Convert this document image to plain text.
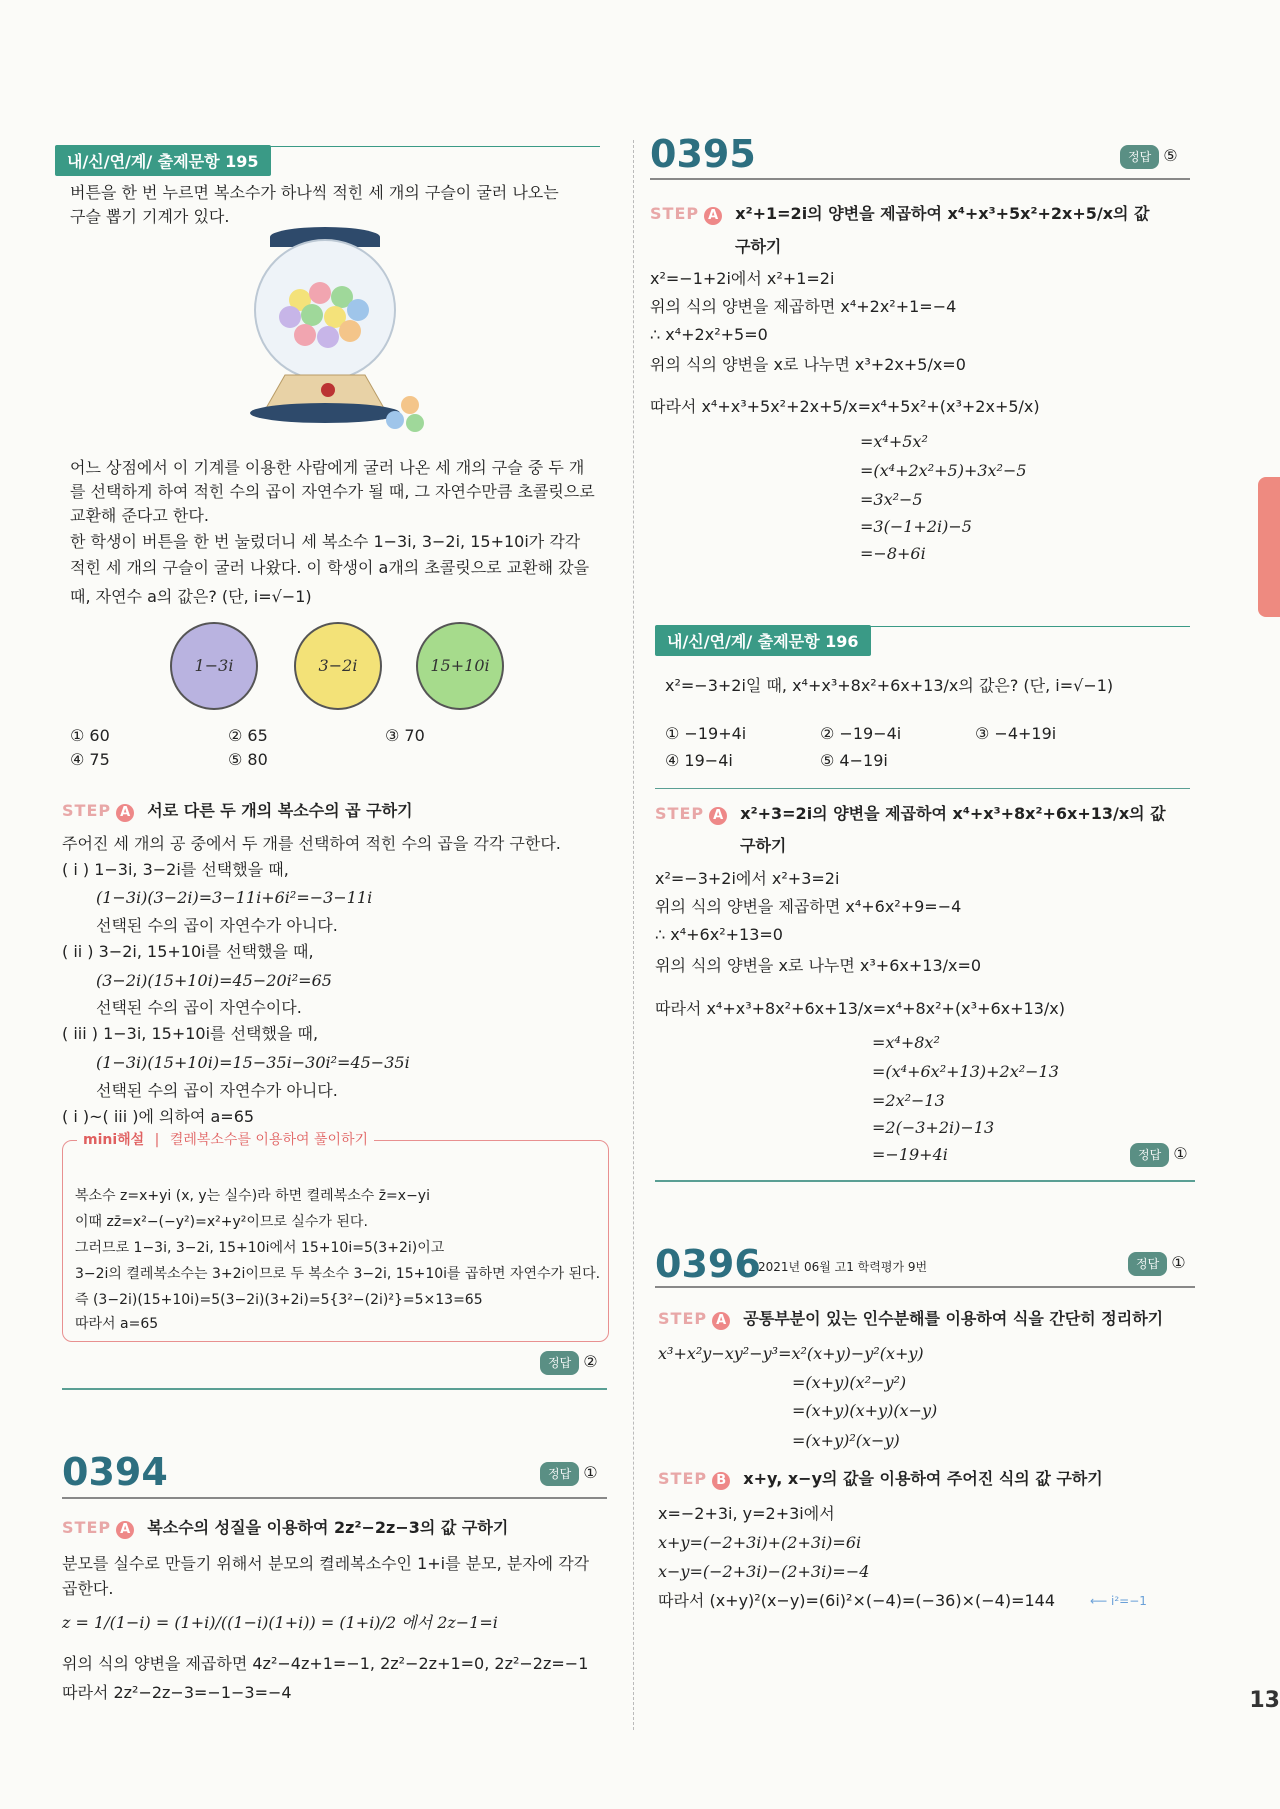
내/신/연/계/ 출제문항 195
버튼을 한 번 누르면 복소수가 하나씩 적힌 세 개의 구슬이 굴러 나오는
구슬 뽑기 기계가 있다.
어느 상점에서 이 기계를 이용한 사람에게 굴러 나온 세 개의 구슬 중 두 개
를 선택하게 하여 적힌 수의 곱이 자연수가 될 때, 그 자연수만큼 초콜릿으로
교환해 준다고 한다.
한 학생이 버튼을 한 번 눌렀더니 세 복소수 1−3i, 3−2i, 15+10i가 각각
적힌 세 개의 구슬이 굴러 나왔다. 이 학생이 a개의 초콜릿으로 교환해 갔을
때, 자연수 a의 값은? (단, i=√−1)
1−3i	3−2i	15+10i
① 60	② 65	③ 70
④ 75	⑤ 80
STEP A 서로 다른 두 개의 복소수의 곱 구하기
주어진 세 개의 공 중에서 두 개를 선택하여 적힌 수의 곱을 각각 구한다.
( i ) 1−3i, 3−2i를 선택했을 때,
(1−3i)(3−2i)=3−11i+6i²=−3−11i
선택된 수의 곱이 자연수가 아니다.
( ii ) 3−2i, 15+10i를 선택했을 때,
(3−2i)(15+10i)=45−20i²=65
선택된 수의 곱이 자연수이다.
( iii ) 1−3i, 15+10i를 선택했을 때,
(1−3i)(15+10i)=15−35i−30i²=45−35i
선택된 수의 곱이 자연수가 아니다.
( i )~( iii )에 의하여 a=65
mini해설 | 켤레복소수를 이용하여 풀이하기
복소수 z=x+yi (x, y는 실수)라 하면 켤레복소수 z̄=x−yi
이때 zz̄=x²−(−y²)=x²+y²이므로 실수가 된다.
그러므로 1−3i, 3−2i, 15+10i에서 15+10i=5(3+2i)이고
3−2i의 켤레복소수는 3+2i이므로 두 복소수 3−2i, 15+10i를 곱하면 자연수가 된다.
즉 (3−2i)(15+10i)=5(3−2i)(3+2i)=5{3²−(2i)²}=5×13=65
따라서 a=65
정답 ②
0394	정답 ①
STEP A 복소수의 성질을 이용하여 2z²−2z−3의 값 구하기
분모를 실수로 만들기 위해서 분모의 켤레복소수인 1+i를 분모, 분자에 각각
곱한다.
z = 1/(1−i) = (1+i)/((1−i)(1+i)) = (1+i)/2 에서 2z−1=i
위의 식의 양변을 제곱하면 4z²−4z+1=−1, 2z²−2z+1=0, 2z²−2z=−1
따라서 2z²−2z−3=−1−3=−4
0395	정답 ⑤
STEP A x²+1=2i의 양변을 제곱하여 x⁴+x³+5x²+2x+5/x의 값
구하기
x²=−1+2i에서 x²+1=2i
위의 식의 양변을 제곱하면 x⁴+2x²+1=−4
∴ x⁴+2x²+5=0
위의 식의 양변을 x로 나누면 x³+2x+5/x=0
따라서 x⁴+x³+5x²+2x+5/x=x⁴+5x²+(x³+2x+5/x)
=x⁴+5x²
=(x⁴+2x²+5)+3x²−5
=3x²−5
=3(−1+2i)−5
=−8+6i
내/신/연/계/ 출제문항 196
x²=−3+2i일 때, x⁴+x³+8x²+6x+13/x의 값은? (단, i=√−1)
① −19+4i	② −19−4i	③ −4+19i
④ 19−4i	⑤ 4−19i
STEP A x²+3=2i의 양변을 제곱하여 x⁴+x³+8x²+6x+13/x의 값
구하기
x²=−3+2i에서 x²+3=2i
위의 식의 양변을 제곱하면 x⁴+6x²+9=−4
∴ x⁴+6x²+13=0
위의 식의 양변을 x로 나누면 x³+6x+13/x=0
따라서 x⁴+x³+8x²+6x+13/x=x⁴+8x²+(x³+6x+13/x)
=x⁴+8x²
=(x⁴+6x²+13)+2x²−13
=2x²−13
=2(−3+2i)−13
=−19+4i	정답 ①
0396
2021년 06월 고1 학력평가 9번	정답 ①
STEP A 공통부분이 있는 인수분해를 이용하여 식을 간단히 정리하기
x³+x²y−xy²−y³=x²(x+y)−y²(x+y)
=(x+y)(x²−y²)
=(x+y)(x+y)(x−y)
=(x+y)²(x−y)
STEP B x+y, x−y의 값을 이용하여 주어진 식의 값 구하기
x=−2+3i, y=2+3i에서
x+y=(−2+3i)+(2+3i)=6i
x−y=(−2+3i)−(2+3i)=−4
따라서 (x+y)²(x−y)=(6i)²×(−4)=(−36)×(−4)=144	⟵ i²=−1
13
